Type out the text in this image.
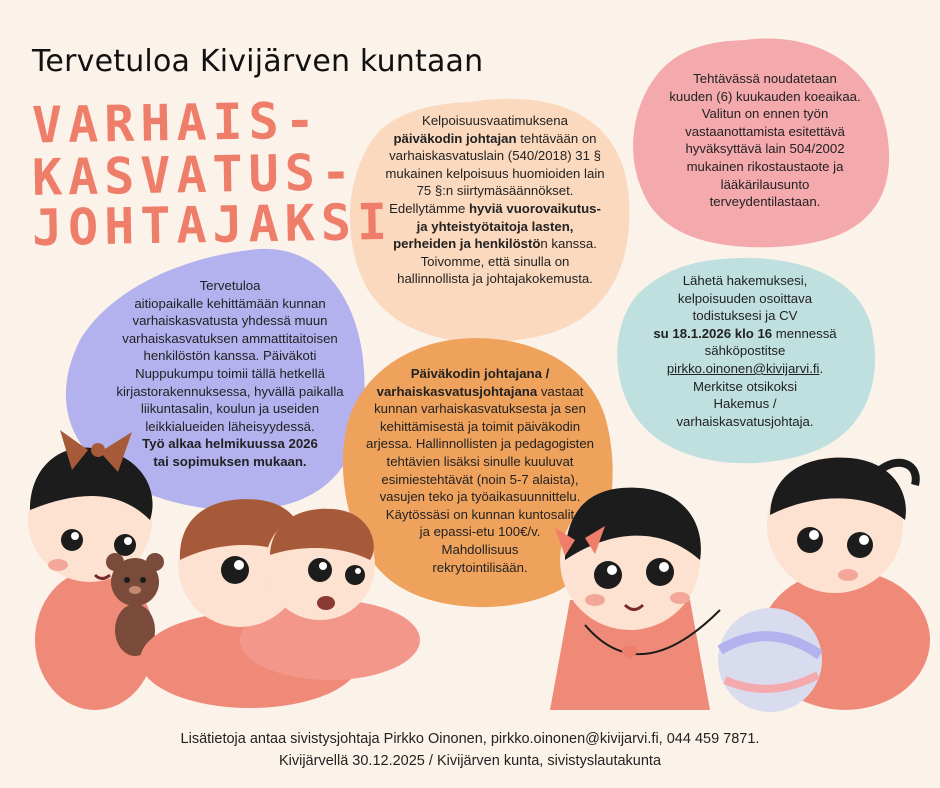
Tervetuloa Kivijärven kuntaan
VARHAIS-
KASVATUS-
JOHTAJAKSI
Kelpoisuusvaatimuksena
päiväkodin johtajan tehtävään on
varhaiskasvatuslain (540/2018) 31 §
mukainen kelpoisuus huomioiden lain
75 §:n siirtymäsäännökset.
Edellytämme hyviä vuorovaikutus-
ja yhteistyötaitoja lasten,
perheiden ja henkilöstön kanssa.
Toivomme, että sinulla on
hallinnollista ja johtajakokemusta.
Tehtävässä noudatetaan
kuuden (6) kuukauden koeaikaa.
Valitun on ennen työn
vastaanottamista esitettävä
hyväksyttävä lain 504/2002
mukainen rikostaustaote ja
lääkärilausunto
terveydentilastaan.
Tervetuloa
aitiopaikalle kehittämään kunnan
varhaiskasvatusta yhdessä muun
varhaiskasvatuksen ammattitaitoisen
henkilöstön kanssa. Päiväkoti
Nuppukumpu toimii tällä hetkellä
kirjastorakennuksessa, hyvällä paikalla
liikuntasalin, koulun ja useiden
leikkialueiden läheisyydessä.
Työ alkaa helmikuussa 2026
tai sopimuksen mukaan.
Päiväkodin johtajana /
varhaiskasvatusjohtajana vastaat
kunnan varhaiskasvatuksesta ja sen
kehittämisestä ja toimit päiväkodin
arjessa. Hallinnollisten ja pedagogisten
tehtävien lisäksi sinulle kuuluvat
esimiestehtävät (noin 5-7 alaista),
vasujen teko ja työaikasuunnittelu.
Käytössäsi on kunnan kuntosalit
ja epassi-etu 100€/v.
Mahdollisuus
rekrytointilisään.
Lähetä hakemuksesi,
kelpoisuuden osoittava
todistuksesi ja CV
su 18.1.2026 klo 16 mennessä
sähköpostitse
pirkko.oinonen@kivijarvi.fi.
Merkitse otsikoksi
Hakemus /
varhaiskasvatusjohtaja.
Lisätietoja antaa sivistysjohtaja Pirkko Oinonen, pirkko.oinonen@kivijarvi.fi, 044 459 7871.
Kivijärvellä 30.12.2025 / Kivijärven kunta, sivistyslautakunta
